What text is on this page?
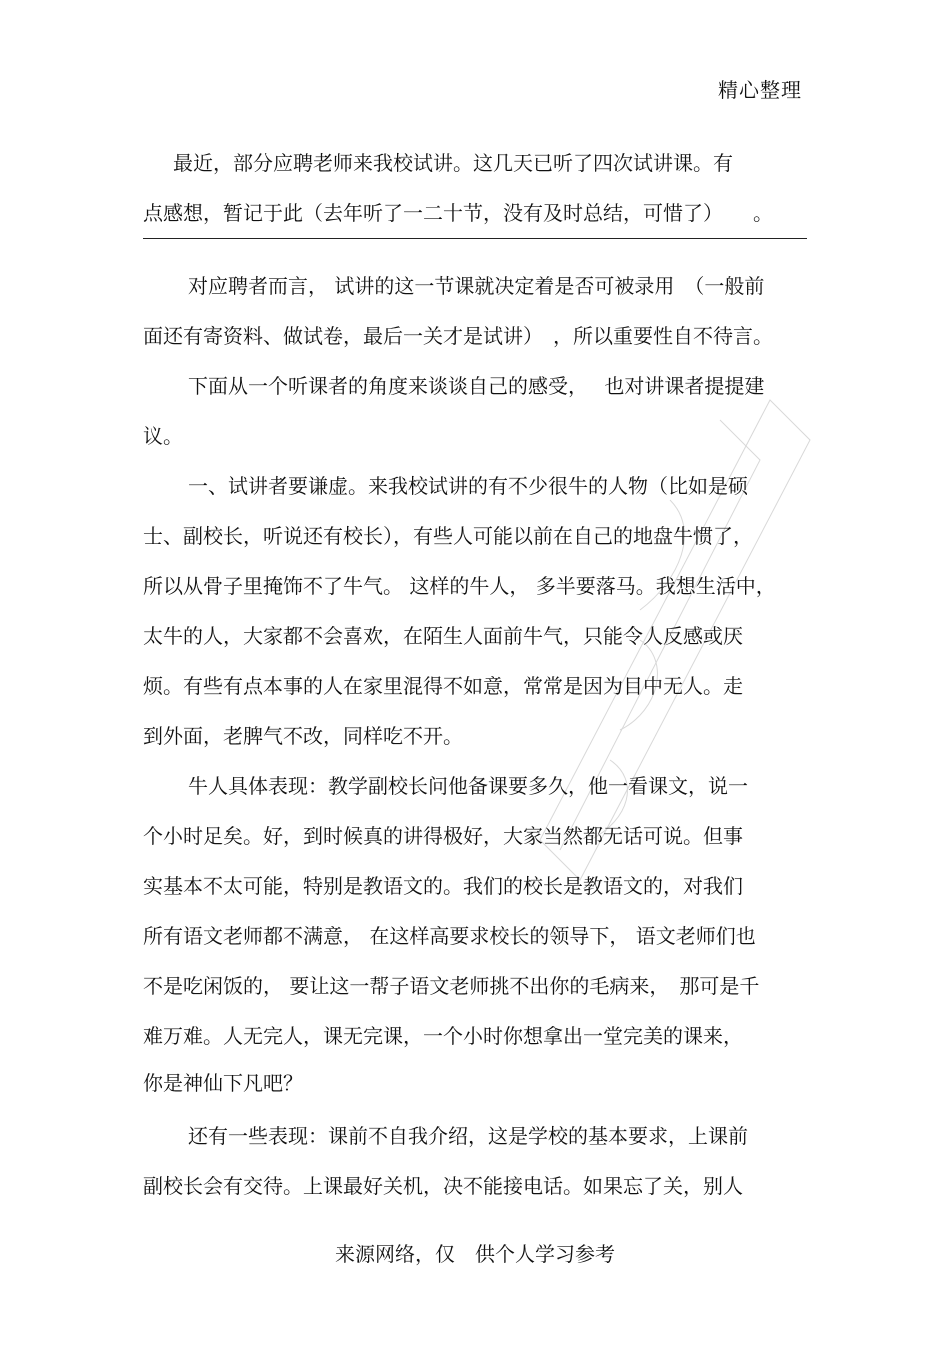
精心整理
最近，部分应聘老师来我校试讲。这几天已听了四次试讲课。有
点感想，暂记于此（去年听了一二十节，没有及时总结，可惜了）　　。
对应聘者而言， 试讲的这一节课就决定着是否可被录用　（一般前
面还有寄资料、做试卷，最后一关才是试讲）　，所以重要性自不待言。
下面从一个听课者的角度来谈谈自己的感受，　 也对讲课者提提建
议。
一、试讲者要谦虚。来我校试讲的有不少很牛的人物（比如是硕
士、副校长，听说还有校长），有些人可能以前在自己的地盘牛惯了，
所以从骨子里掩饰不了牛气。 这样的牛人， 多半要落马。我想生活中，
太牛的人，大家都不会喜欢，在陌生人面前牛气，只能令人反感或厌
烦。有些有点本事的人在家里混得不如意，常常是因为目中无人。走
到外面，老脾气不改，同样吃不开。
牛人具体表现：教学副校长问他备课要多久，他一看课文，说一
个小时足矣。好，到时候真的讲得极好，大家当然都无话可说。但事
实基本不太可能，特别是教语文的。我们的校长是教语文的，对我们
所有语文老师都不满意， 在这样高要求校长的领导下， 语文老师们也
不是吃闲饭的， 要让这一帮子语文老师挑不出你的毛病来，　那可是千
难万难。人无完人，课无完课，一个小时你想拿出一堂完美的课来，
你是神仙下凡吧？
还有一些表现：课前不自我介绍，这是学校的基本要求，上课前
副校长会有交待。上课最好关机，决不能接电话。如果忘了关，别人
来源网络，仅　供个人学习参考
